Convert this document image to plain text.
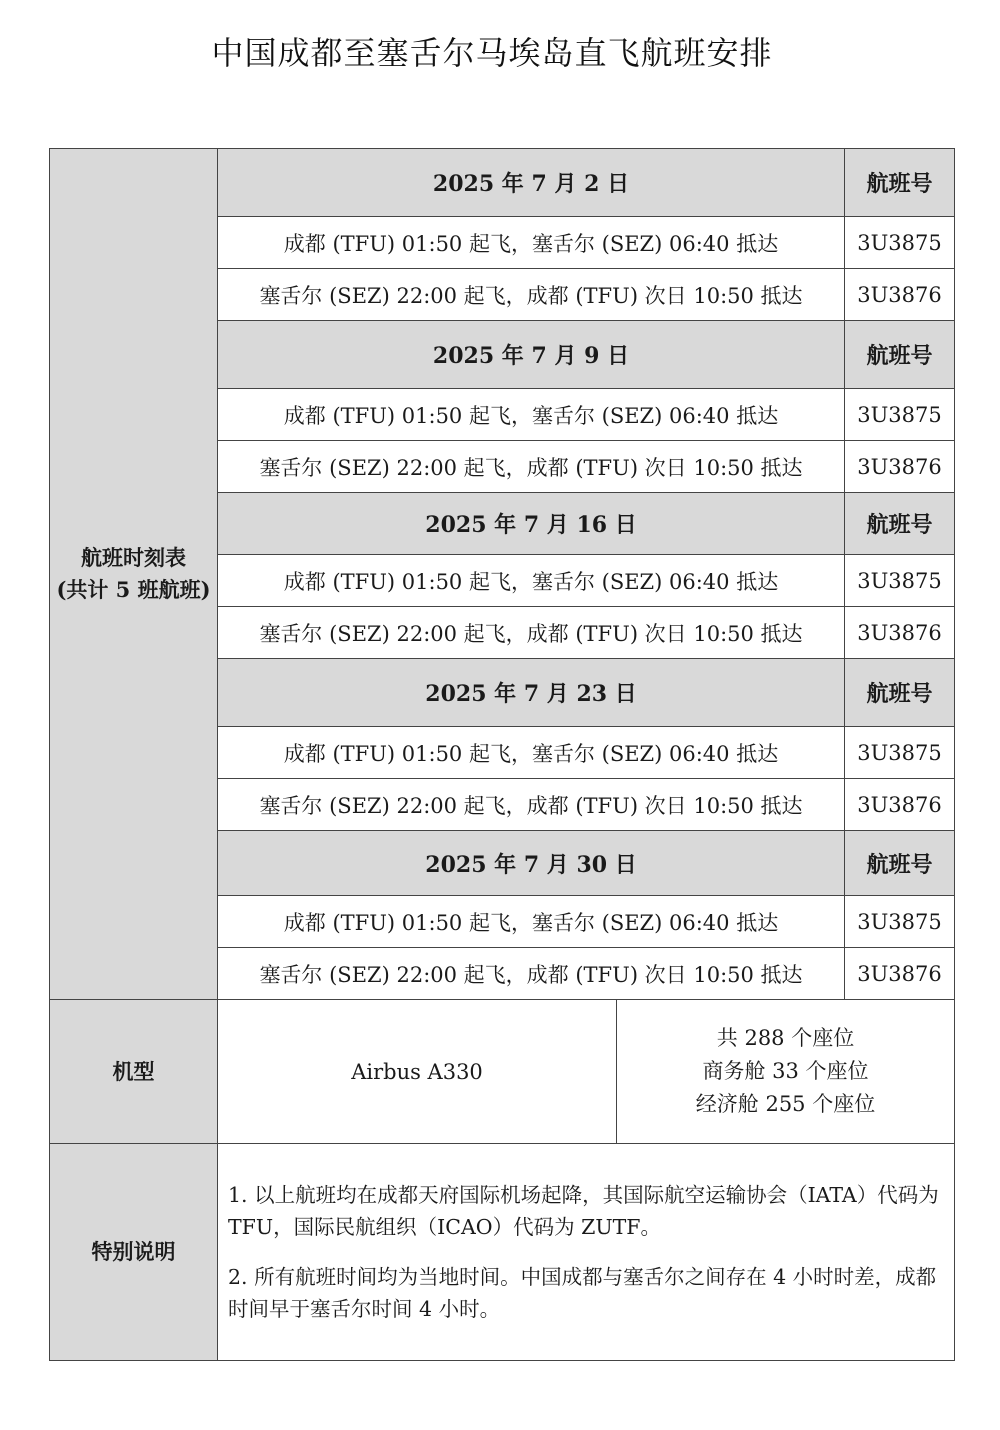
中国成都至塞舌尔马埃岛直飞航班安排
航班时刻表
(共计 5 班航班)	2025 年 7 月 2 日		航班号
	成都 (TFU) 01:50 起飞，塞舌尔 (SEZ) 06:40 抵达		3U3875
	塞舌尔 (SEZ) 22:00 起飞，成都 (TFU) 次日 10:50 抵达		3U3876
	2025 年 7 月 9 日		航班号
	成都 (TFU) 01:50 起飞，塞舌尔 (SEZ) 06:40 抵达		3U3875
	塞舌尔 (SEZ) 22:00 起飞，成都 (TFU) 次日 10:50 抵达		3U3876
	2025 年 7 月 16 日		航班号
	成都 (TFU) 01:50 起飞，塞舌尔 (SEZ) 06:40 抵达		3U3875
	塞舌尔 (SEZ) 22:00 起飞，成都 (TFU) 次日 10:50 抵达		3U3876
	2025 年 7 月 23 日		航班号
	成都 (TFU) 01:50 起飞，塞舌尔 (SEZ) 06:40 抵达		3U3875
	塞舌尔 (SEZ) 22:00 起飞，成都 (TFU) 次日 10:50 抵达		3U3876
	2025 年 7 月 30 日		航班号
	成都 (TFU) 01:50 起飞，塞舌尔 (SEZ) 06:40 抵达		3U3875
	塞舌尔 (SEZ) 22:00 起飞，成都 (TFU) 次日 10:50 抵达		3U3876
机型	Airbus A330	共 288 个座位
商务舱 33 个座位
经济舱 255 个座位	

特别说明	1. 以上航班均在成都天府国际机场起降，其国际航空运输协会（IATA）代码为 TFU，国际民航组织（ICAO）代码为 ZUTF。
2. 所有航班时间均为当地时间。中国成都与塞舌尔之间存在 4 小时时差，成都时间早于塞舌尔时间 4 小时。		
